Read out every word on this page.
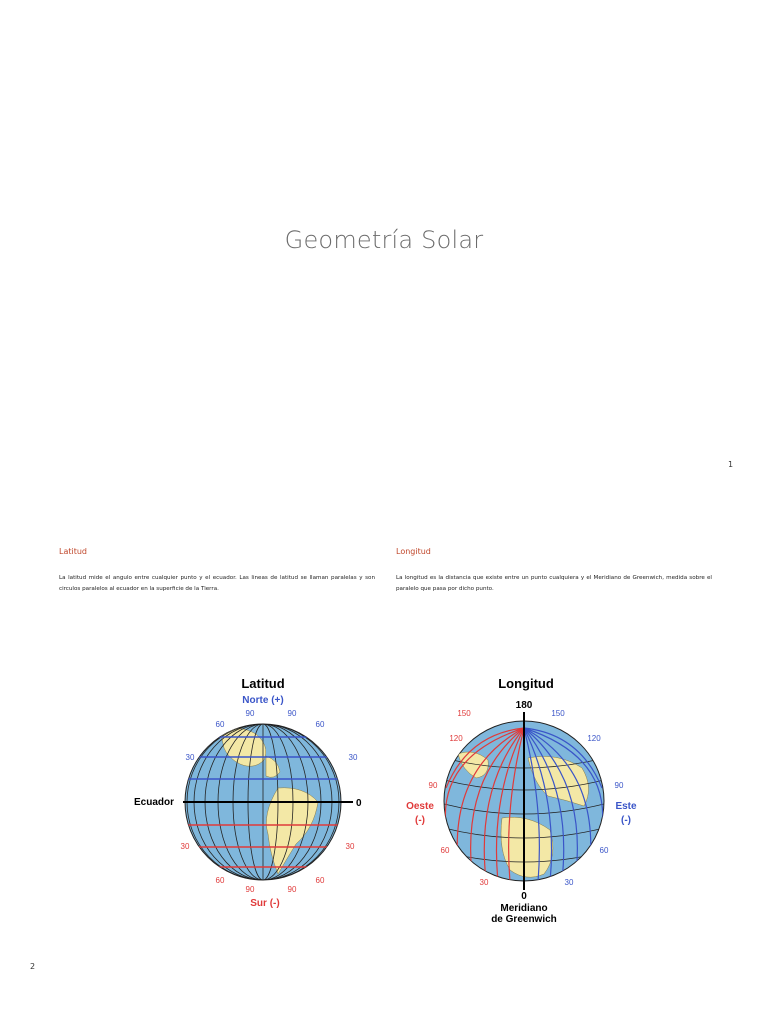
Geometría Solar
1
Latitud
La latitud mide el angulo entre cualquier punto y el ecuador. Las lineas de latitud se llaman paralelas y son circulos paralelos al ecuador en la superficie de la Tierra.
Longitud
La longitud es la distancia que existe entre un punto cualquiera y el Meridiano de Greenwich, medida sobre el paralelo que pasa por dicho punto.
Latitud
Norte (+)
Ecuador	0
90	90
60	60
30	30
30	30
60	60
90	90
Sur (-)
Longitud
180
150
120
90
60
30
150
120
90
60
30
Oeste
(-)
Este
(-)
0
Meridiano
de Greenwich
2
